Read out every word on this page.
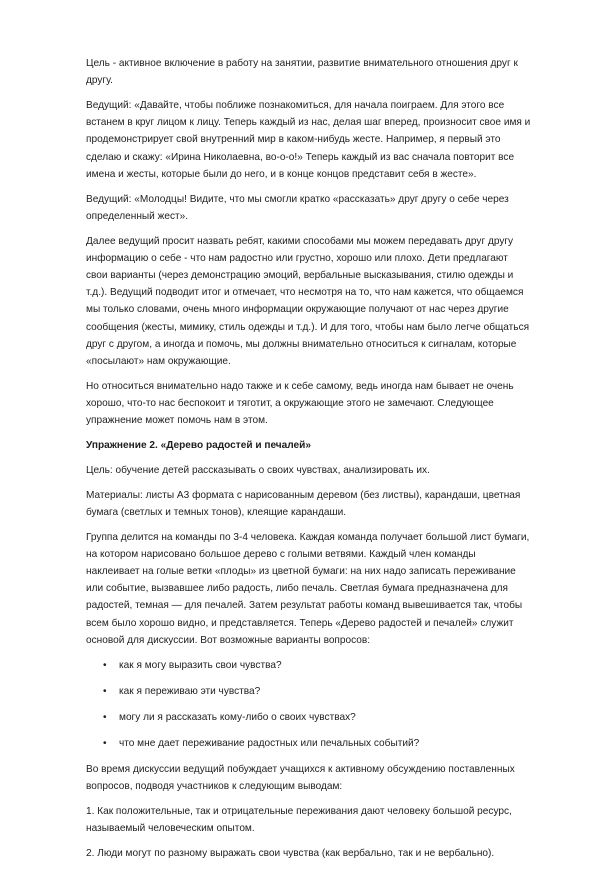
Цель - активное включение в работу на занятии, развитие внимательного отношения друг к другу.

Ведущий: «Давайте, чтобы поближе познакомиться, для начала поиграем. Для этого все встанем в круг лицом к лицу. Теперь каждый из нас, делая шаг вперед, произносит свое имя и продемонстрирует свой внутренний мир в каком-нибудь жесте. Например, я первый это сделаю и скажу: «Ирина Николаевна, во-о-о!» Теперь каждый из вас сначала повторит все имена и жесты, которые были до него, и в конце концов представит себя в жесте».

Ведущий: «Молодцы! Видите, что мы смогли кратко «рассказать» друг другу о себе через определенный жест».

Далее ведущий просит назвать ребят, какими способами мы можем передавать друг другу информацию о себе - что нам радостно или грустно, хорошо или плохо. Дети предлагают свои варианты (через демонстрацию эмоций, вербальные высказывания, стилю одежды и т.д.). Ведущий подводит итог и отмечает, что несмотря на то, что нам кажется, что общаемся мы только словами, очень много информации окружающие получают от нас через другие сообщения (жесты, мимику, стиль одежды и т.д.). И для того, чтобы нам было легче общаться друг с другом, а иногда и помочь, мы должны внимательно относиться к сигналам, которые «посылают» нам окружающие.

Но относиться внимательно надо также и к себе самому, ведь иногда нам бывает не очень хорошо, что-то нас беспокоит и тяготит, а окружающие этого не замечают. Следующее упражнение может помочь нам в этом.

Упражнение 2. «Дерево радостей и печалей»

Цель: обучение детей рассказывать о своих чувствах, анализировать их.

Материалы: листы А3 формата с нарисованным деревом (без листвы), карандаши, цветная бумага (светлых и темных тонов), клеящие карандаши.

Группа делится на команды по 3-4 человека. Каждая команда получает большой лист бумаги, на котором нарисовано большое дерево с голыми ветвями. Каждый член команды наклеивает на голые ветки «плоды» из цветной бумаги: на них надо записать переживание или событие, вызвавшее либо радость, либо печаль. Светлая бумага предназначена для радостей, темная — для печалей. Затем результат работы команд вывешивается так, чтобы всем было хорошо видно, и представляется. Теперь «Дерево радостей и печалей» служит основой для дискуссии. Вот возможные варианты вопросов:

• как я могу выразить свои чувства?
• как я переживаю эти чувства?
• могу ли я рассказать кому-либо о своих чувствах?
• что мне дает переживание радостных или печальных событий?

Во время дискуссии ведущий побуждает учащихся к активному обсуждению поставленных вопросов, подводя участников к следующим выводам:

1. Как положительные, так и отрицательные переживания дают человеку большой ресурс, называемый человеческим опытом.

2. Люди могут по разному выражать свои чувства (как вербально, так и не вербально).
